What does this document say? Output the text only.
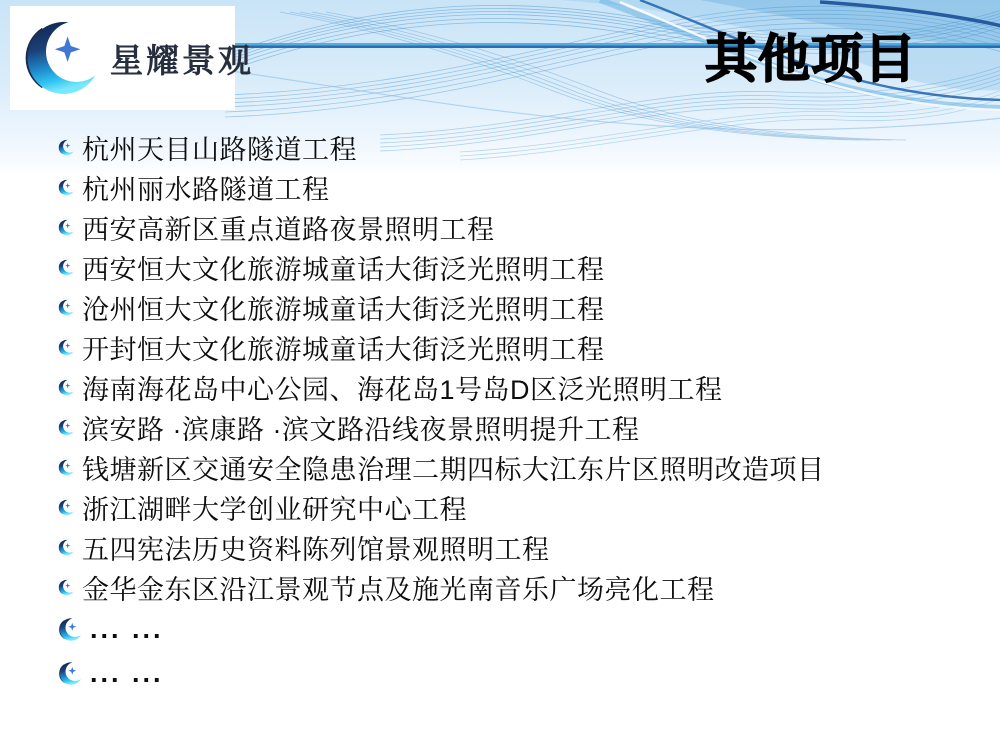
星耀景观	其他项目
杭州天目山路隧道工程
杭州丽水路隧道工程
西安高新区重点道路夜景照明工程
西安恒大文化旅游城童话大街泛光照明工程
沧州恒大文化旅游城童话大街泛光照明工程
开封恒大文化旅游城童话大街泛光照明工程
海南海花岛中心公园、海花岛1号岛D区泛光照明工程
滨安路 ·滨康路 ·滨文路沿线夜景照明提升工程
钱塘新区交通安全隐患治理二期四标大江东片区照明改造项目
浙江湖畔大学创业研究中心工程
五四宪法历史资料陈列馆景观照明工程
金华金东区沿江景观节点及施光南音乐广场亮化工程
... ...
... ...
